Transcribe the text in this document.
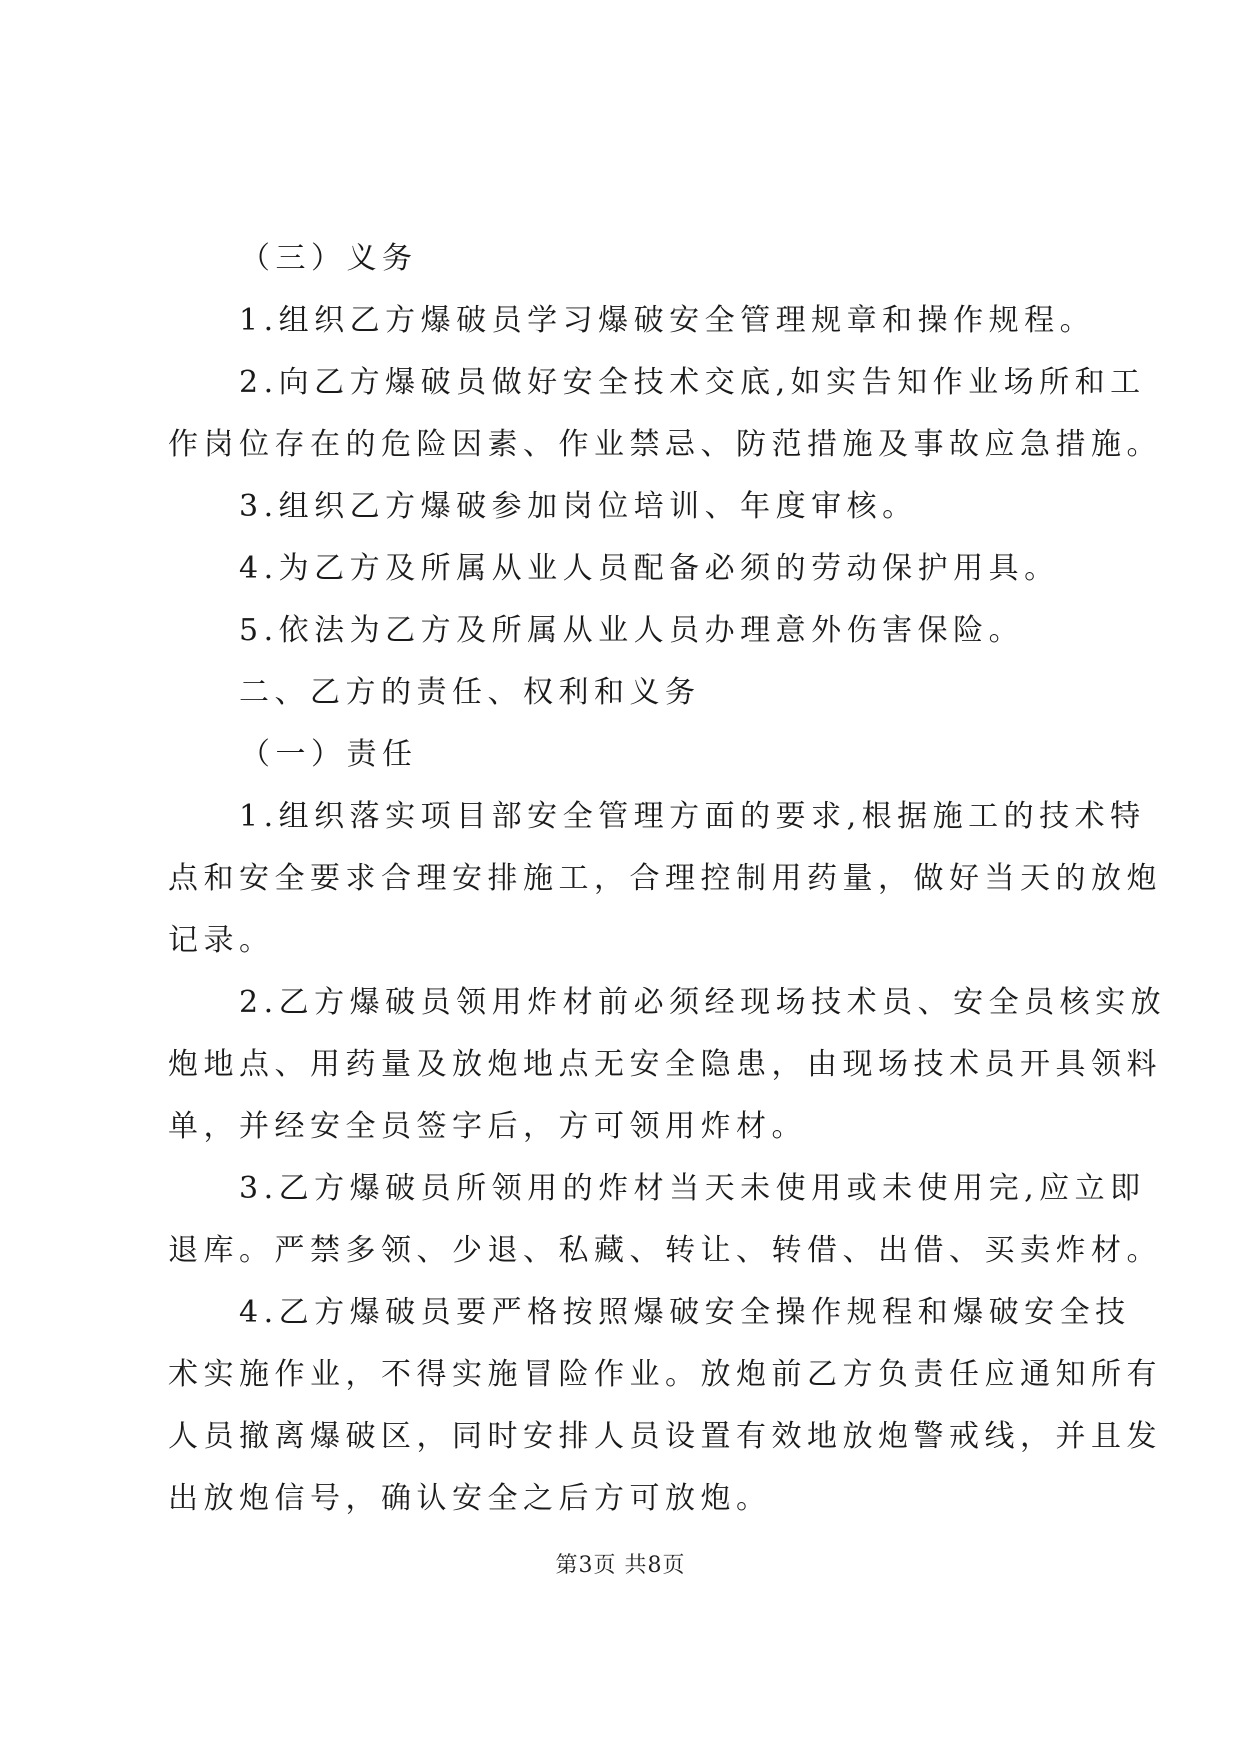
（三）义务
　　1.组织乙方爆破员学习爆破安全管理规章和操作规程。
　　2.向乙方爆破员做好安全技术交底,如实告知作业场所和工
作岗位存在的危险因素、作业禁忌、防范措施及事故应急措施。
　　3.组织乙方爆破参加岗位培训、年度审核。
　　4.为乙方及所属从业人员配备必须的劳动保护用具。
　　5.依法为乙方及所属从业人员办理意外伤害保险。
　　二、乙方的责任、权利和义务
（一）责任
　　1.组织落实项目部安全管理方面的要求,根据施工的技术特
点和安全要求合理安排施工，合理控制用药量，做好当天的放炮
记录。
　　2.乙方爆破员领用炸材前必须经现场技术员、安全员核实放
炮地点、用药量及放炮地点无安全隐患，由现场技术员开具领料
单，并经安全员签字后，方可领用炸材。
　　3.乙方爆破员所领用的炸材当天未使用或未使用完,应立即
退库。严禁多领、少退、私藏、转让、转借、出借、买卖炸材。
　　4.乙方爆破员要严格按照爆破安全操作规程和爆破安全技
术实施作业，不得实施冒险作业。放炮前乙方负责任应通知所有
人员撤离爆破区，同时安排人员设置有效地放炮警戒线，并且发
出放炮信号，确认安全之后方可放炮。
第3页 共8页
